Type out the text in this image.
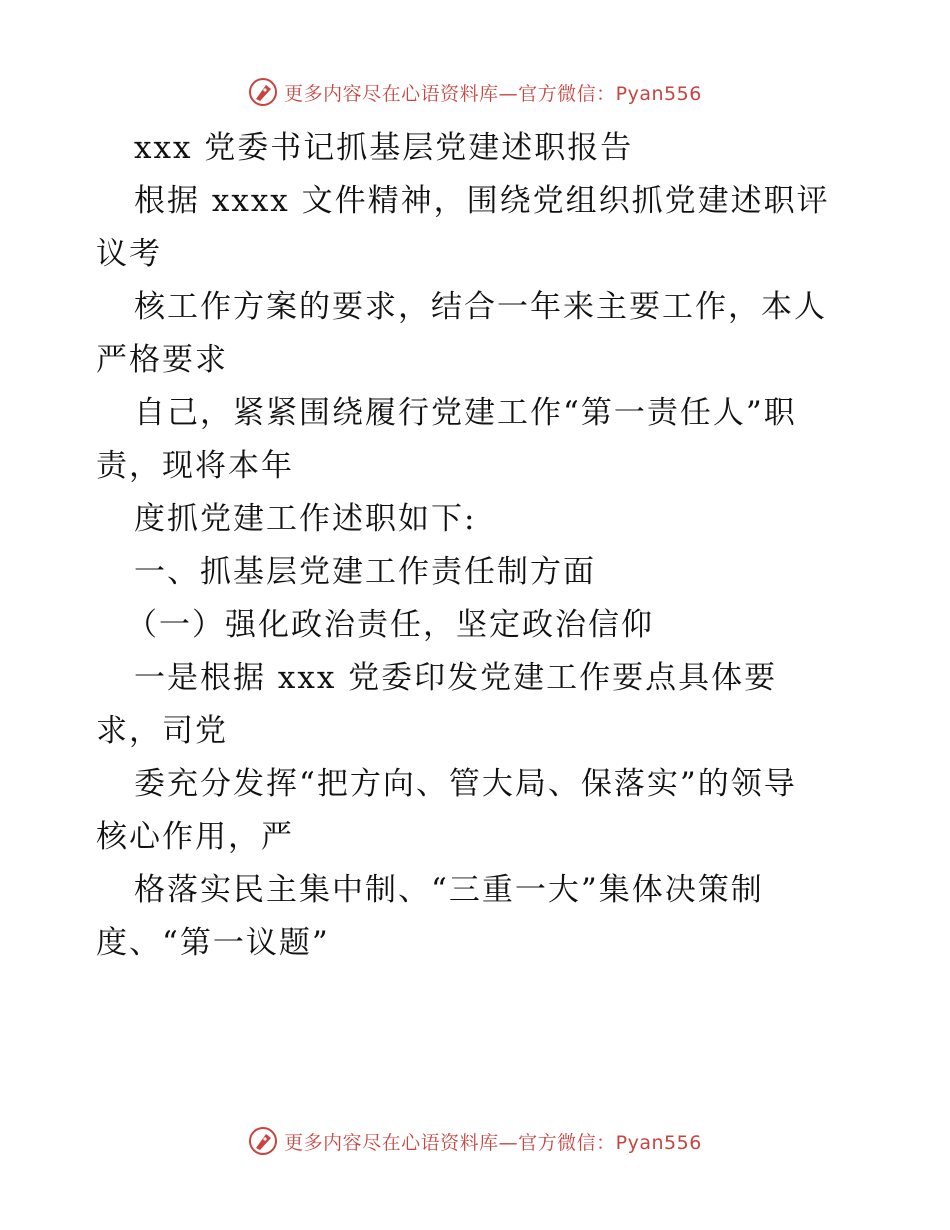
更多内容尽在心语资料库—官方微信：Pyan556
xxx 党委书记抓基层党建述职报告
根据 xxxx 文件精神，围绕党组织抓党建述职评
议考
核工作方案的要求，结合一年来主要工作，本人
严格要求
自己，紧紧围绕履行党建工作“第一责任人”职
责，现将本年
度抓党建工作述职如下:
一、抓基层党建工作责任制方面
（一）强化政治责任，坚定政治信仰
一是根据 xxx 党委印发党建工作要点具体要
求，司党
委充分发挥“把方向、管大局、保落实”的领导
核心作用，严
格落实民主集中制、“三重一大”集体决策制
度、“第一议题”
更多内容尽在心语资料库—官方微信：Pyan556
